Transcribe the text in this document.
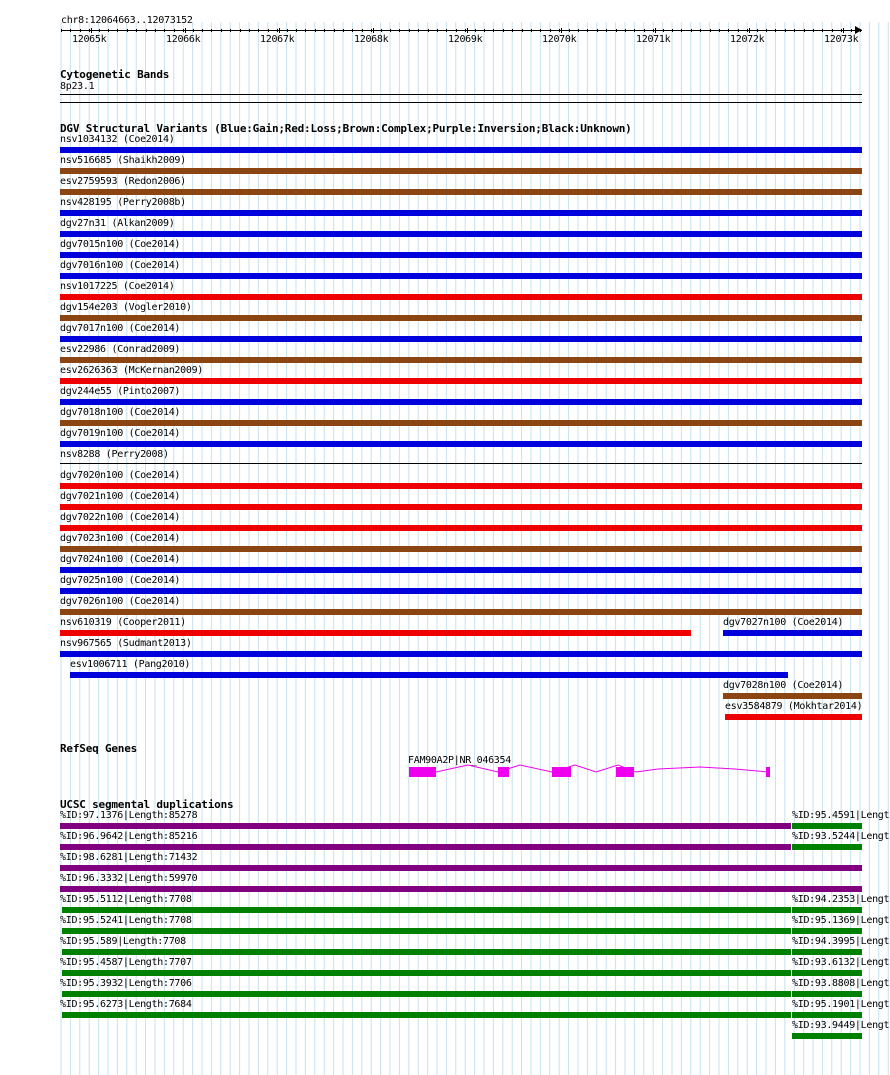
chr8:12064663..12073152
12065k	12066k	12067k	12068k	12069k	12070k	12071k	12072k	12073k
Cytogenetic Bands
8p23.1
DGV Structural Variants (Blue:Gain;Red:Loss;Brown:Complex;Purple:Inversion;Black:Unknown)
nsv1034132 (Coe2014)
nsv516685 (Shaikh2009)
esv2759593 (Redon2006)
nsv428195 (Perry2008b)
dgv27n31 (Alkan2009)
dgv7015n100 (Coe2014)
dgv7016n100 (Coe2014)
nsv1017225 (Coe2014)
dgv154e203 (Vogler2010)
dgv7017n100 (Coe2014)
esv22986 (Conrad2009)
esv2626363 (McKernan2009)
dgv244e55 (Pinto2007)
dgv7018n100 (Coe2014)
dgv7019n100 (Coe2014)
nsv8288 (Perry2008)
dgv7020n100 (Coe2014)
dgv7021n100 (Coe2014)
dgv7022n100 (Coe2014)
dgv7023n100 (Coe2014)
dgv7024n100 (Coe2014)
dgv7025n100 (Coe2014)
dgv7026n100 (Coe2014)
nsv610319 (Cooper2011)	dgv7027n100 (Coe2014)
nsv967565 (Sudmant2013)
esv1006711 (Pang2010)
dgv7028n100 (Coe2014)
esv3584879 (Mokhtar2014)
RefSeq Genes
FAM90A2P|NR_046354
UCSC segmental duplications
%ID:97.1376|Length:85278
%ID:96.9642|Length:85216
%ID:98.6281|Length:71432
%ID:96.3332|Length:59970
%ID:95.5112|Length:7708
%ID:95.5241|Length:7708
%ID:95.589|Length:7708
%ID:95.4587|Length:7707
%ID:95.3932|Length:7706
%ID:95.6273|Length:7684
%ID:95.4591|Lengt
%ID:93.5244|Lengt
%ID:94.2353|Lengt
%ID:95.1369|Lengt
%ID:94.3995|Lengt
%ID:93.6132|Lengt
%ID:93.8808|Lengt
%ID:95.1901|Lengt
%ID:93.9449|Lengt
